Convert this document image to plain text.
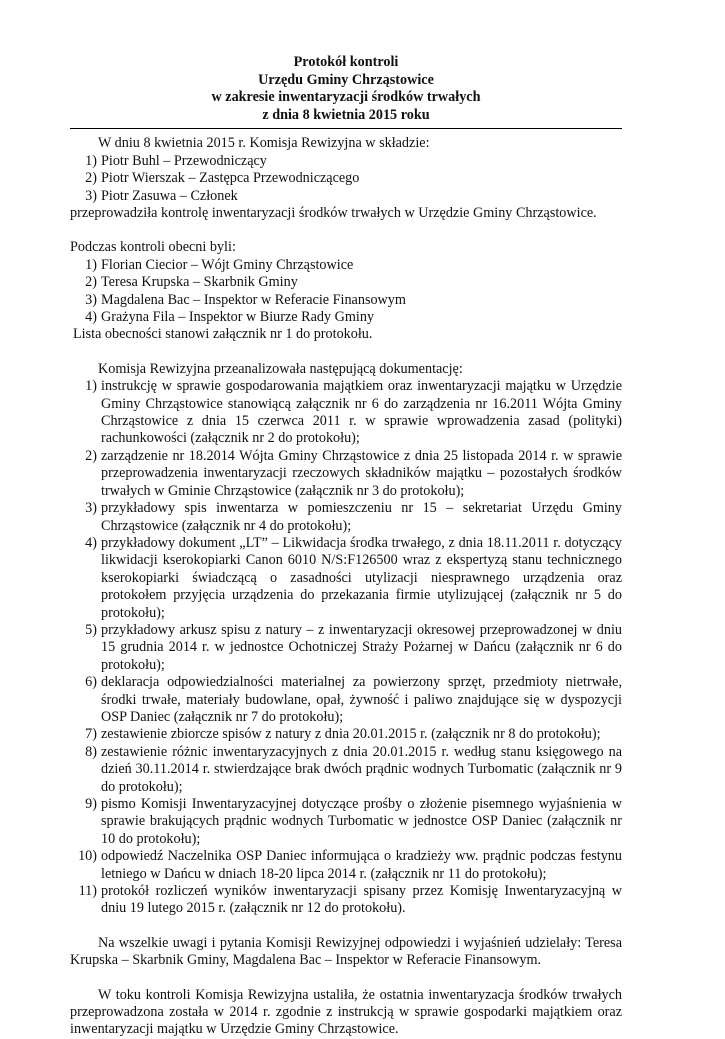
Protokół kontroli
Urzędu Gminy Chrząstowice
w zakresie inwentaryzacji środków trwałych
z dnia 8 kwietnia 2015 roku

W dniu 8 kwietnia 2015 r. Komisja Rewizyjna w składzie:

1) Piotr Buhl – Przewodniczący
2) Piotr Wierszak – Zastępca Przewodniczącego
3) Piotr Zasuwa – Członek

przeprowadziła kontrolę inwentaryzacji środków trwałych w Urzędzie Gminy Chrząstowice.

Podczas kontroli obecni byli:

1) Florian Ciecior – Wójt Gminy Chrząstowice
2) Teresa Krupska – Skarbnik Gminy
3) Magdalena Bac – Inspektor w Referacie Finansowym
4) Grażyna Fila – Inspektor w Biurze Rady Gminy

Lista obecności stanowi załącznik nr 1 do protokołu.

Komisja Rewizyjna przeanalizowała następującą dokumentację:

1) instrukcję w sprawie gospodarowania majątkiem oraz inwentaryzacji majątku w Urzędzie Gminy Chrząstowice stanowiącą załącznik nr 6 do zarządzenia nr 16.2011 Wójta Gminy Chrząstowice z dnia 15 czerwca 2011 r. w sprawie wprowadzenia zasad (polityki) rachunkowości (załącznik nr 2 do protokołu);
2) zarządzenie nr 18.2014 Wójta Gminy Chrząstowice z dnia 25 listopada 2014 r. w sprawie przeprowadzenia inwentaryzacji rzeczowych składników majątku – pozostałych środków trwałych w Gminie Chrząstowice (załącznik nr 3 do protokołu);
3) przykładowy spis inwentarza w pomieszczeniu nr 15 – sekretariat Urzędu Gminy Chrząstowice (załącznik nr 4 do protokołu);
4) przykładowy dokument „LT” – Likwidacja środka trwałego, z dnia 18.11.2011 r. dotyczący likwidacji kserokopiarki Canon 6010 N/S:F126500 wraz z ekspertyzą stanu technicznego kserokopiarki świadczącą o zasadności utylizacji niesprawnego urządzenia oraz protokołem przyjęcia urządzenia do przekazania firmie utylizującej (załącznik nr 5 do protokołu);
5) przykładowy arkusz spisu z natury – z inwentaryzacji okresowej przeprowadzonej w dniu 15 grudnia 2014 r. w jednostce Ochotniczej Straży Pożarnej w Dańcu (załącznik nr 6 do protokołu);
6) deklaracja odpowiedzialności materialnej za powierzony sprzęt, przedmioty nietrwałe, środki trwałe, materiały budowlane, opał, żywność i paliwo znajdujące się w dyspozycji OSP Daniec (załącznik nr 7 do protokołu);
7) zestawienie zbiorcze spisów z natury z dnia 20.01.2015 r. (załącznik nr 8 do protokołu);
8) zestawienie różnic inwentaryzacyjnych z dnia 20.01.2015 r. według stanu księgowego na dzień 30.11.2014 r. stwierdzające brak dwóch prądnic wodnych Turbomatic (załącznik nr 9 do protokołu);
9) pismo Komisji Inwentaryzacyjnej dotyczące prośby o złożenie pisemnego wyjaśnienia w sprawie brakujących prądnic wodnych Turbomatic w jednostce OSP Daniec (załącznik nr 10 do protokołu);
10) odpowiedź Naczelnika OSP Daniec informująca o kradzieży ww. prądnic podczas festynu letniego w Dańcu w dniach 18-20 lipca 2014 r. (załącznik nr 11 do protokołu);
11) protokół rozliczeń wyników inwentaryzacji spisany przez Komisję Inwentaryzacyjną w dniu 19 lutego 2015 r. (załącznik nr 12 do protokołu).

Na wszelkie uwagi i pytania Komisji Rewizyjnej odpowiedzi i wyjaśnień udzielały: Teresa Krupska – Skarbnik Gminy, Magdalena Bac – Inspektor w Referacie Finansowym.

W toku kontroli Komisja Rewizyjna ustaliła, że ostatnia inwentaryzacja środków trwałych przeprowadzona została w 2014 r. zgodnie z instrukcją w sprawie gospodarki majątkiem oraz inwentaryzacji majątku w Urzędzie Gminy Chrząstowice.
